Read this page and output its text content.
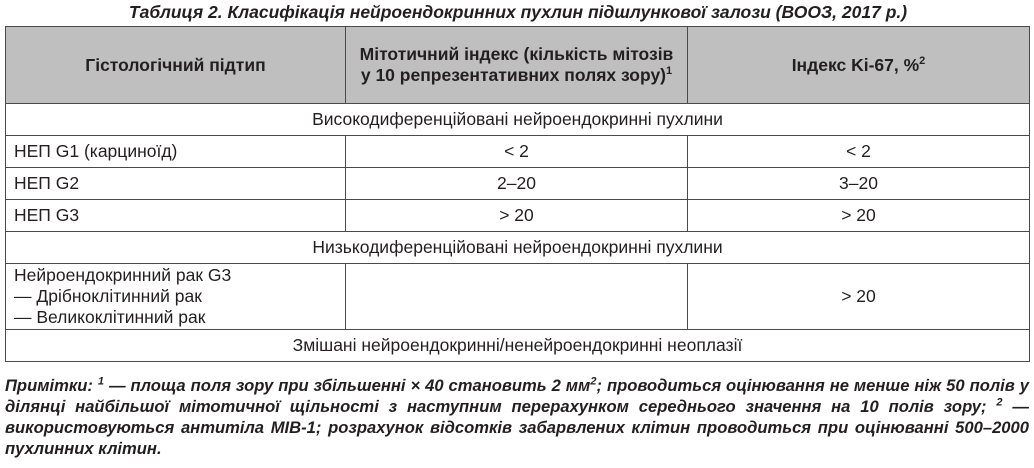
Таблиця 2. Класифікація нейроендокринних пухлин підшлункової залози (ВООЗ, 2017 р.)
Гістологічний підтип	Мітотичний індекс (кількість мітозів у 10 репрезентативних полях зору)$^1$	Індекс Ki-67, %$^2$
Високодиференційовані нейроендокринні пухлини		
НЕП G1 (карциноїд)	< 2	< 2
НЕП G2	2–20	3–20
НЕП G3	> 20	> 20
Низькодиференційовані нейроендокринні пухлини		

Нейроендокринний рак G3
— Дрібноклітинний рак
— Великоклітинний рак		> 20
Змішані нейроендокринні/ненейроендокринні неоплазії		
Примітки: $^1$ — площа поля зору при збільшенні × 40 становить 2 $мм^2$; проводиться оцінювання не менше ніж 50 полів у ділянці найбільшої мітотичної щільності з наступним перерахунком середнього значення на 10 полів зору; $^2$ — використовуються антитіла MIB-1; розрахунок відсотків забарвлених клітин проводиться при оцінюванні 500–2000 пухлинних клітин.
